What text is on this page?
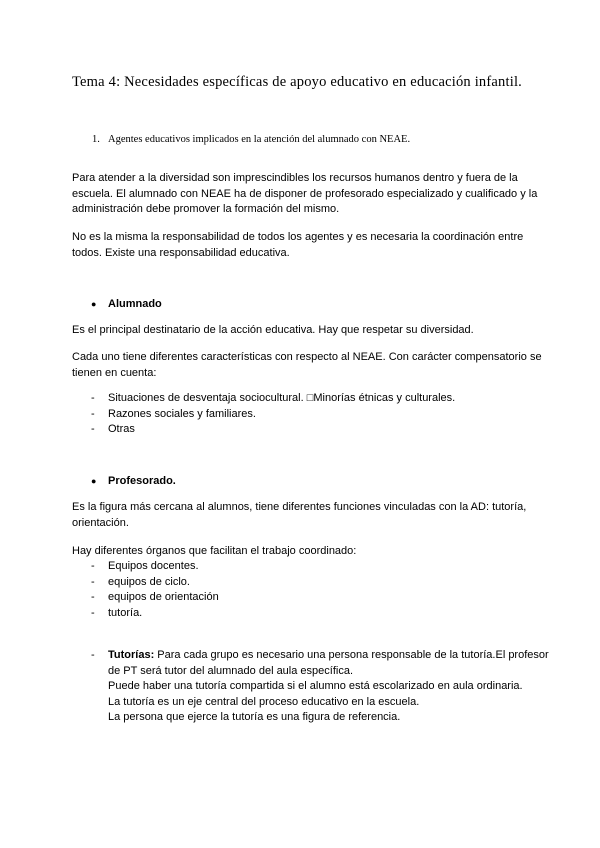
Tema 4: Necesidades específicas de apoyo educativo en educación infantil.
1. Agentes educativos implicados en la atención del alumnado con NEAE.
Para atender a la diversidad son imprescindibles los recursos humanos dentro y fuera de la escuela. El alumnado con NEAE ha de disponer de profesorado especializado y cualificado y la administración debe promover la formación del mismo.
No es la misma la responsabilidad de todos los agentes y es necesaria la coordinación entre todos. Existe una responsabilidad educativa.
● Alumnado
Es el principal destinatario de la acción educativa. Hay que respetar su diversidad.
Cada uno tiene diferentes características con respecto al NEAE. Con carácter compensatorio se tienen en cuenta:
- Situaciones de desventaja sociocultural. □Minorías étnicas y culturales.
- Razones sociales y familiares.
- Otras
● Profesorado.
Es la figura más cercana al alumnos, tiene diferentes funciones vinculadas con la AD: tutoría, orientación.
Hay diferentes órganos que facilitan el trabajo coordinado:
- Equipos docentes.
- equipos de ciclo.
- equipos de orientación
- tutoría.
- Tutorías: Para cada grupo es necesario una persona responsable de la tutoría.El profesor de PT será tutor del alumnado del aula específica.
Puede haber una tutoría compartida si el alumno está escolarizado en aula ordinaria.
La tutoría es un eje central del proceso educativo en la escuela.
La persona que ejerce la tutoría es una figura de referencia.
